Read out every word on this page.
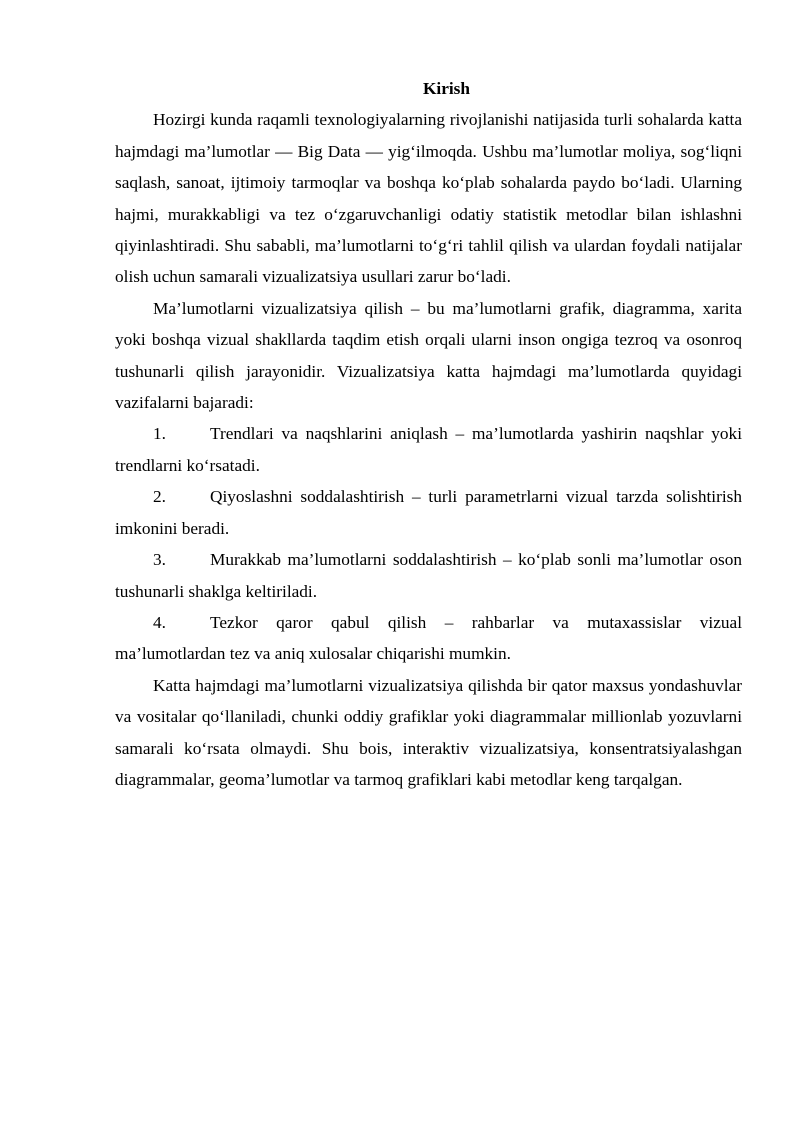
Kirish

Hozirgi kunda raqamli texnologiyalarning rivojlanishi natijasida turli sohalarda katta hajmdagi ma’lumotlar — Big Data — yig‘ilmoqda. Ushbu ma’lumotlar moliya, sog‘liqni saqlash, sanoat, ijtimoiy tarmoqlar va boshqa ko‘plab sohalarda paydo bo‘ladi. Ularning hajmi, murakkabligi va tez o‘zgaruvchanligi odatiy statistik metodlar bilan ishlashni qiyinlashtiradi. Shu sababli, ma’lumotlarni to‘g‘ri tahlil qilish va ulardan foydali natijalar olish uchun samarali vizualizatsiya usullari zarur bo‘ladi.

Ma’lumotlarni vizualizatsiya qilish – bu ma’lumotlarni grafik, diagramma, xarita yoki boshqa vizual shakllarda taqdim etish orqali ularni inson ongiga tezroq va osonroq tushunarli qilish jarayonidir. Vizualizatsiya katta hajmdagi ma’lumotlarda quyidagi vazifalarni bajaradi:

1.	Trendlari va naqshlarini aniqlash – ma’lumotlarda yashirin naqshlar yoki trendlarni ko‘rsatadi.

2.	Qiyoslashni soddalashtirish – turli parametrlarni vizual tarzda solishtirish imkonini beradi.

3.	Murakkab ma’lumotlarni soddalashtirish – ko‘plab sonli ma’lumotlar oson tushunarli shaklga keltiriladi.

4.	Tezkor qaror qabul qilish – rahbarlar va mutaxassislar vizual ma’lumotlardan tez va aniq xulosalar chiqarishi mumkin.

Katta hajmdagi ma’lumotlarni vizualizatsiya qilishda bir qator maxsus yondashuvlar va vositalar qo‘llaniladi, chunki oddiy grafiklar yoki diagrammalar millionlab yozuvlarni samarali ko‘rsata olmaydi. Shu bois, interaktiv vizualizatsiya, konsentratsiyalashgan diagrammalar, geoma’lumotlar va tarmoq grafiklari kabi metodlar keng tarqalgan.
